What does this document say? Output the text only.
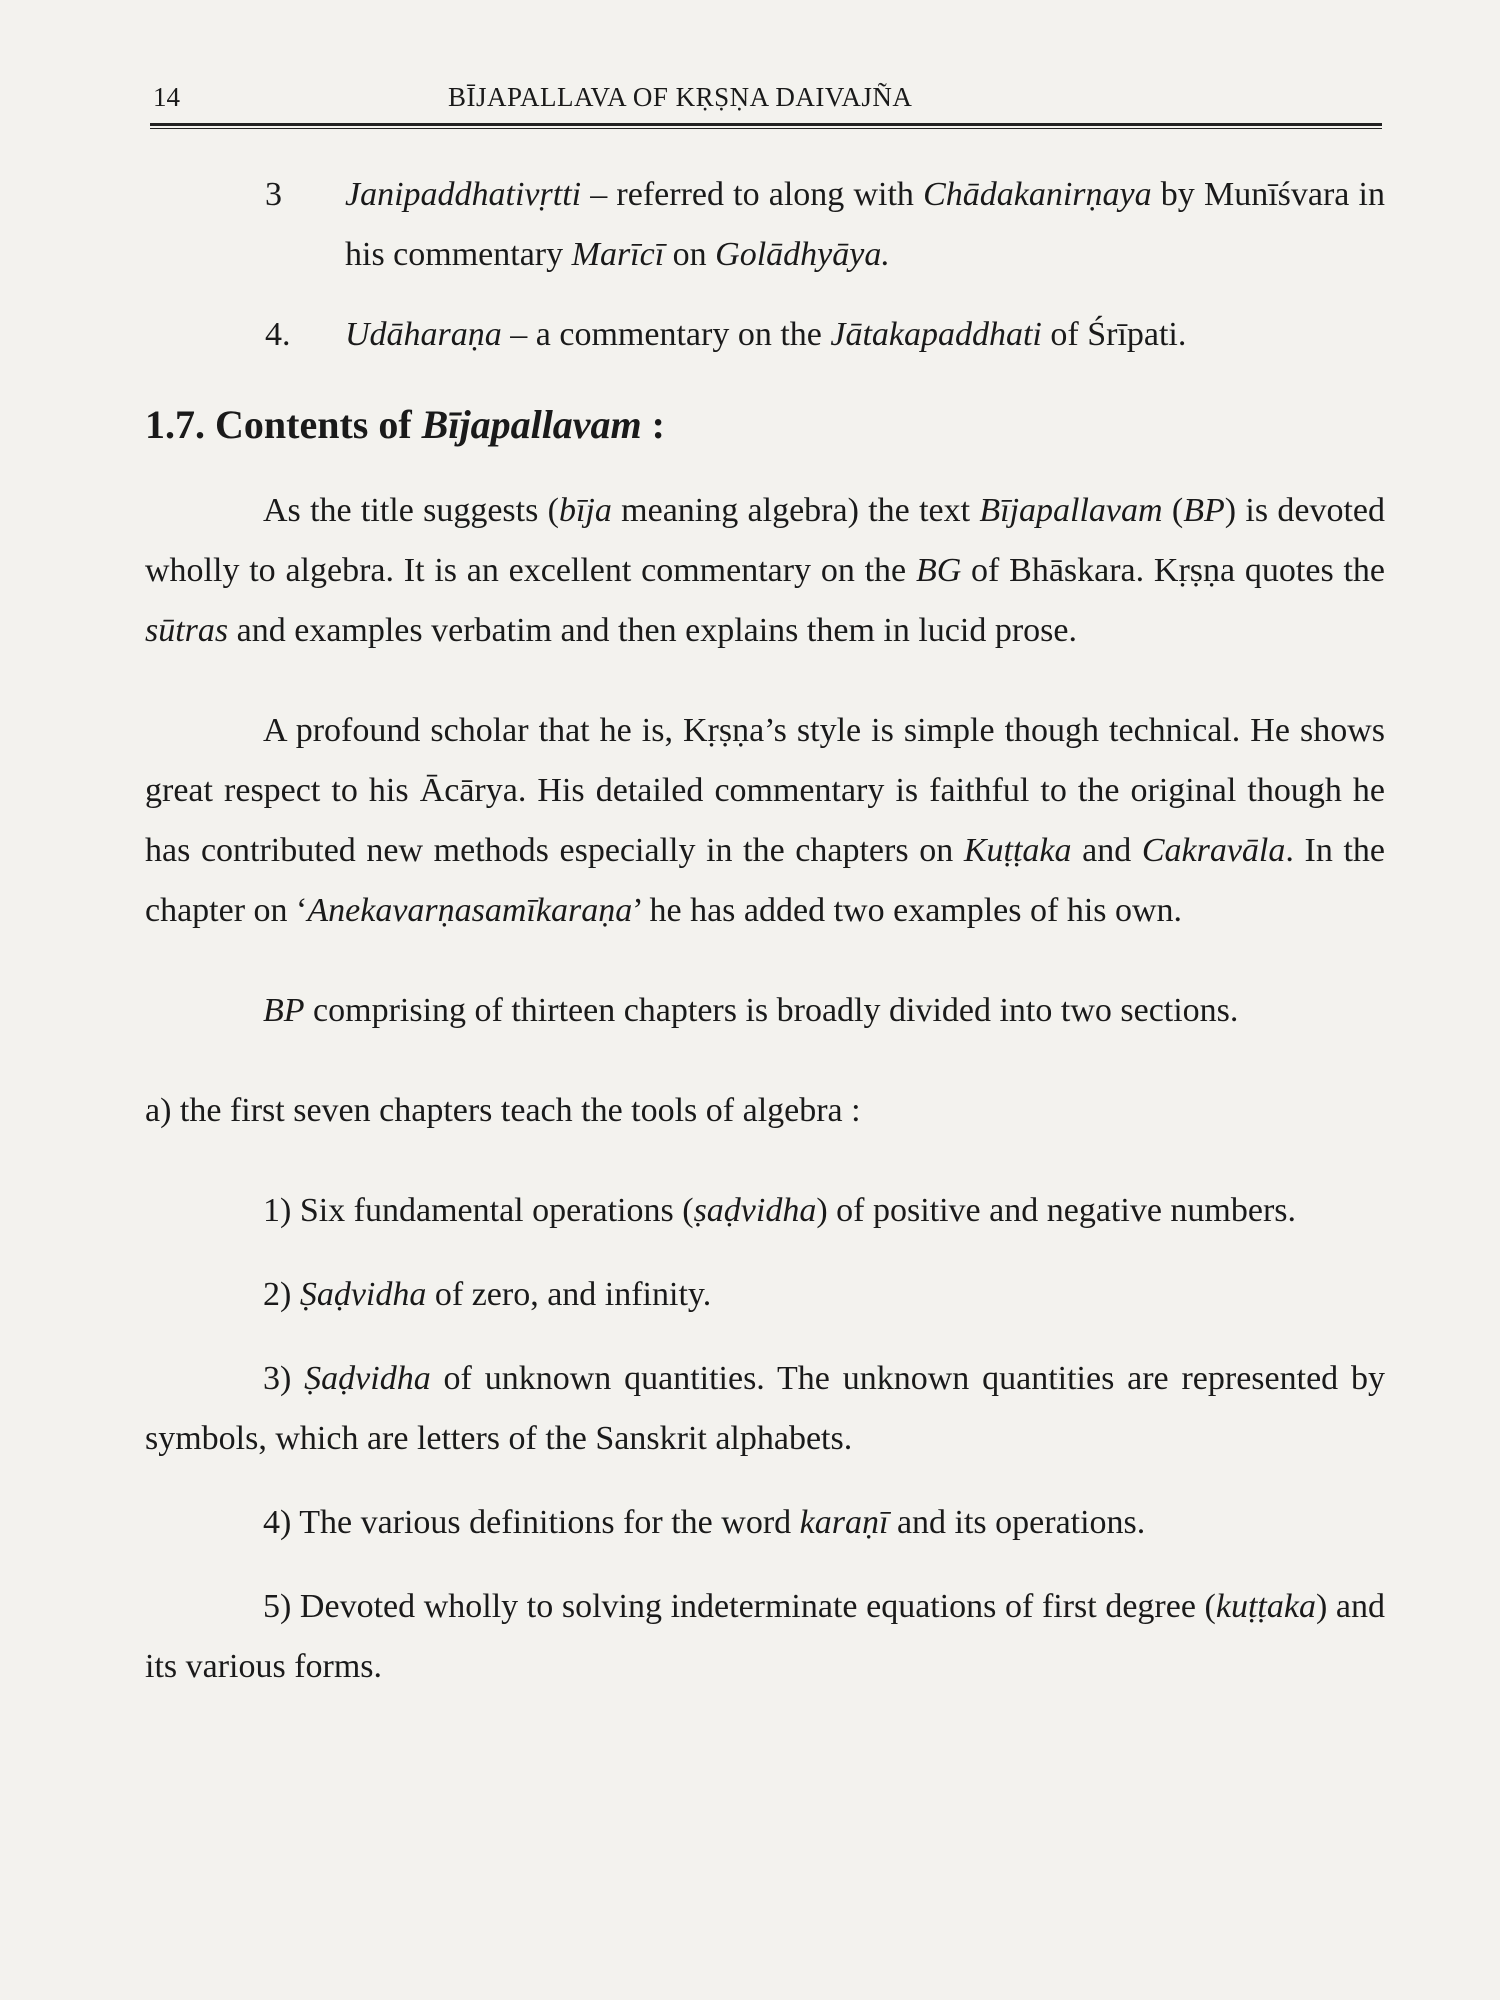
14	BĪJAPALLAVA OF KṚṢṆA DAIVAJÑA
3 Janipaddhativṛtti – referred to along with Chādakanirṇaya by Munīśvara in his commentary Marīcī on Golādhyāya.
4. Udāharaṇa – a commentary on the Jātakapaddhati of Śrīpati.
1.7. Contents of Bījapallavam :

As the title suggests (bīja meaning algebra) the text Bījapallavam (BP) is devoted wholly to algebra. It is an excellent commentary on the BG of Bhāskara. Kṛṣṇa quotes the sūtras and examples verbatim and then explains them in lucid prose.

A profound scholar that he is, Kṛṣṇa’s style is simple though technical. He shows great respect to his Ācārya. His detailed commentary is faithful to the original though he has contributed new methods especially in the chapters on Kuṭṭaka and Cakravāla. In the chapter on ‘Anekavarṇasamīkaraṇa’ he has added two examples of his own.

BP comprising of thirteen chapters is broadly divided into two sections.

a) the first seven chapters teach the tools of algebra :

1) Six fundamental operations (ṣaḍvidha) of positive and negative numbers.

2) Ṣaḍvidha of zero, and infinity.

3) Ṣaḍvidha of unknown quantities. The unknown quantities are represented by symbols, which are letters of the Sanskrit alphabets.

4) The various definitions for the word karaṇī and its operations.

5) Devoted wholly to solving indeterminate equations of first degree (kuṭṭaka) and its various forms.
